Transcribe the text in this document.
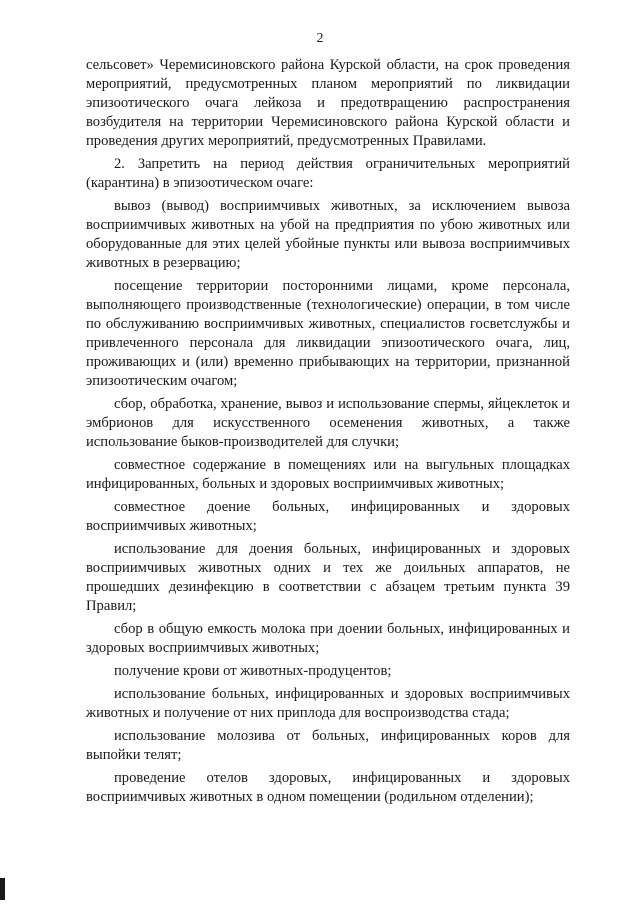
2

сельсовет» Черемисиновского района Курской области, на срок проведения мероприятий, предусмотренных планом мероприятий по ликвидации эпизоотического очага лейкоза и предотвращению распространения возбудителя на территории Черемисиновского района Курской области и проведения других мероприятий, предусмотренных Правилами.

2. Запретить на период действия ограничительных мероприятий (карантина) в эпизоотическом очаге:

вывоз (вывод) восприимчивых животных, за исключением вывоза восприимчивых животных на убой на предприятия по убою животных или оборудованные для этих целей убойные пункты или вывоза восприимчивых животных в резервацию;

посещение территории посторонними лицами, кроме персонала, выполняющего производственные (технологические) операции, в том числе по обслуживанию восприимчивых животных, специалистов госветслужбы и привлеченного персонала для ликвидации эпизоотического очага, лиц, проживающих и (или) временно прибывающих на территории, признанной эпизоотическим очагом;

сбор, обработка, хранение, вывоз и использование спермы, яйцеклеток и эмбрионов для искусственного осеменения животных, а также использование быков-производителей для случки;

совместное содержание в помещениях или на выгульных площадках инфицированных, больных и здоровых восприимчивых животных;

совместное доение больных, инфицированных и здоровых восприимчивых животных;

использование для доения больных, инфицированных и здоровых восприимчивых животных одних и тех же доильных аппаратов, не прошедших дезинфекцию в соответствии с абзацем третьим пункта 39 Правил;

сбор в общую емкость молока при доении больных, инфицированных и здоровых восприимчивых животных;

получение крови от животных-продуцентов;

использование больных, инфицированных и здоровых восприимчивых животных и получение от них приплода для воспроизводства стада;

использование молозива от больных, инфицированных коров для выпойки телят;

проведение отелов здоровых, инфицированных и здоровых восприимчивых животных в одном помещении (родильном отделении);
